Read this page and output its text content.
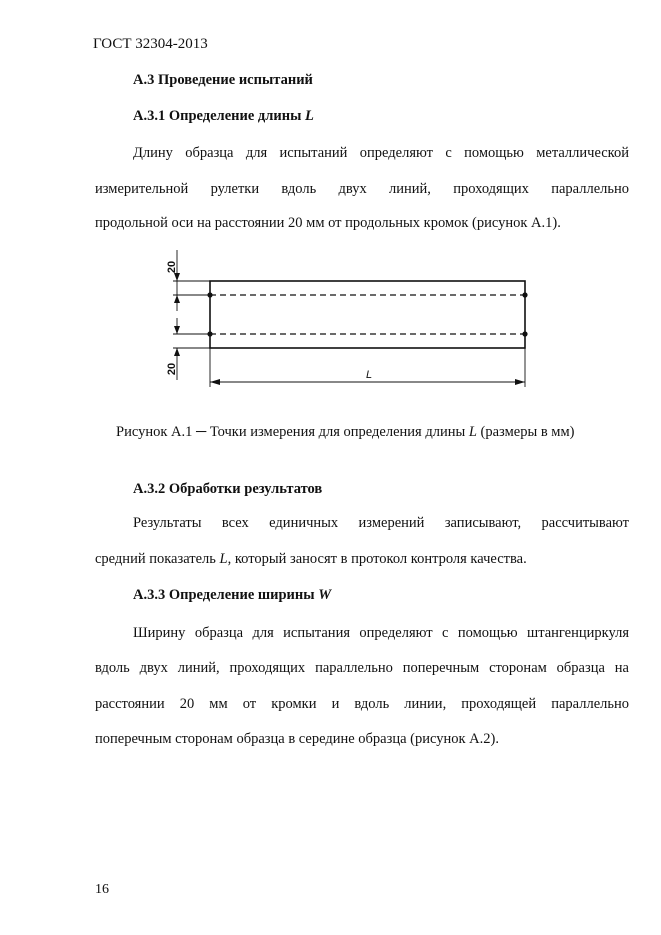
ГОСТ 32304-2013
А.3 Проведение испытаний
А.3.1 Определение длины L
Длину образца для испытаний определяют с помощью металлической
измерительной рулетки вдоль двух линий, проходящих параллельно
продольной оси на расстоянии 20 мм от продольных кромок (рисунок А.1).
20
20	L
Рисунок А.1 ─ Точки измерения для определения длины L (размеры в мм)
А.3.2 Обработки результатов
Результаты всех единичных измерений записывают, рассчитывают
средний показатель L, который заносят в протокол контроля качества.
А.3.3 Определение ширины W
Ширину образца для испытания определяют с помощью штангенциркуля
вдоль двух линий, проходящих параллельно поперечным сторонам образца на
расстоянии 20 мм от кромки и вдоль линии, проходящей параллельно
поперечным сторонам образца в середине образца (рисунок А.2).
16
